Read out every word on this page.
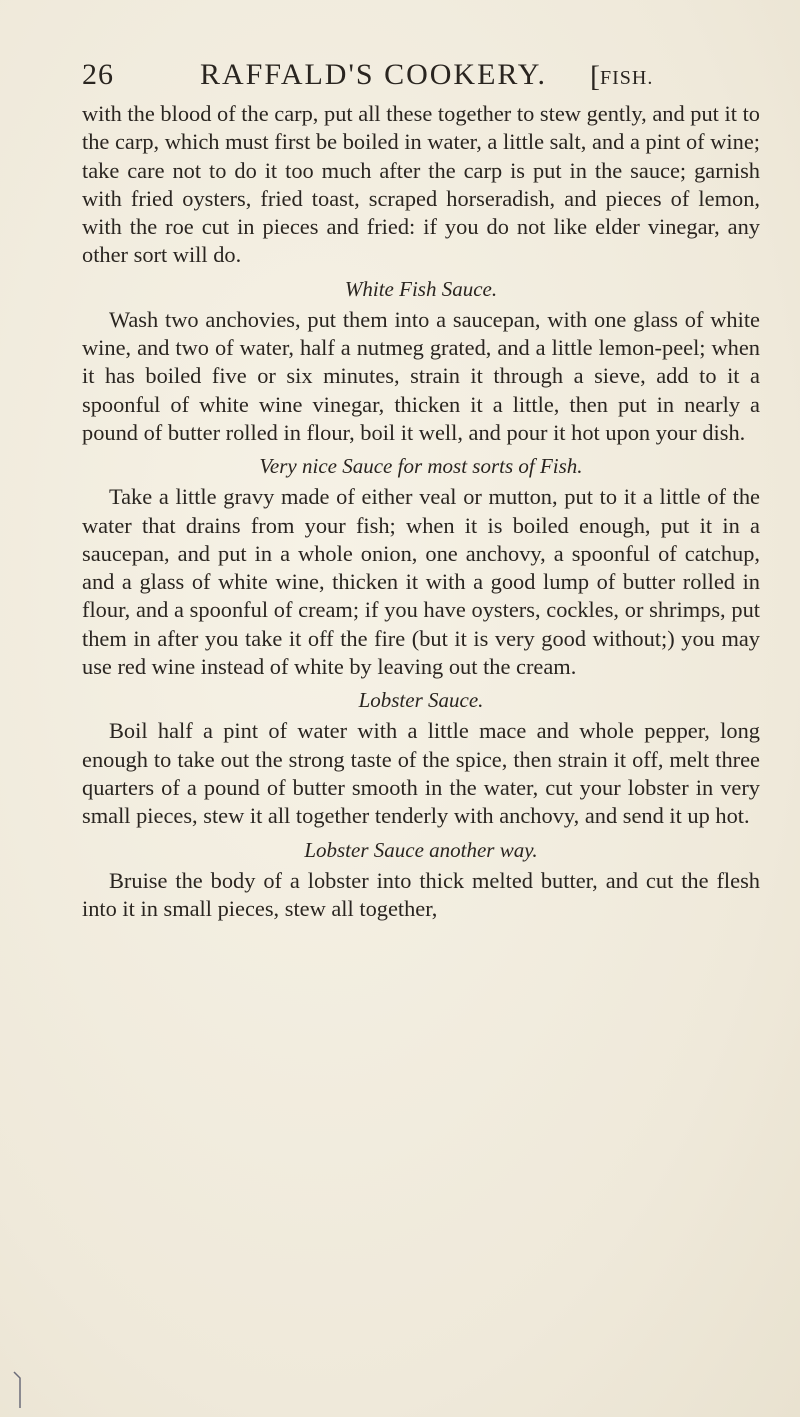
26	RAFFALD'S COOKERY. [FISH.

with the blood of the carp, put all these together to stew gently, and put it to the carp, which must first be boiled in water, a little salt, and a pint of wine; take care not to do it too much after the carp is put in the sauce; garnish with fried oysters, fried toast, scraped horseradish, and pieces of lemon, with the roe cut in pieces and fried: if you do not like elder vinegar, any other sort will do.

White Fish Sauce.

Wash two anchovies, put them into a saucepan, with one glass of white wine, and two of water, half a nutmeg grated, and a little lemon-peel; when it has boiled five or six minutes, strain it through a sieve, add to it a spoonful of white wine vinegar, thicken it a little, then put in nearly a pound of butter rolled in flour, boil it well, and pour it hot upon your dish.

Very nice Sauce for most sorts of Fish.

Take a little gravy made of either veal or mutton, put to it a little of the water that drains from your fish; when it is boiled enough, put it in a saucepan, and put in a whole onion, one anchovy, a spoonful of catchup, and a glass of white wine, thicken it with a good lump of butter rolled in flour, and a spoonful of cream; if you have oysters, cockles, or shrimps, put them in after you take it off the fire (but it is very good without;) you may use red wine instead of white by leaving out the cream.

Lobster Sauce.

Boil half a pint of water with a little mace and whole pepper, long enough to take out the strong taste of the spice, then strain it off, melt three quarters of a pound of butter smooth in the water, cut your lobster in very small pieces, stew it all together tenderly with anchovy, and send it up hot.

Lobster Sauce another way.

Bruise the body of a lobster into thick melted butter, and cut the flesh into it in small pieces, stew all together,
